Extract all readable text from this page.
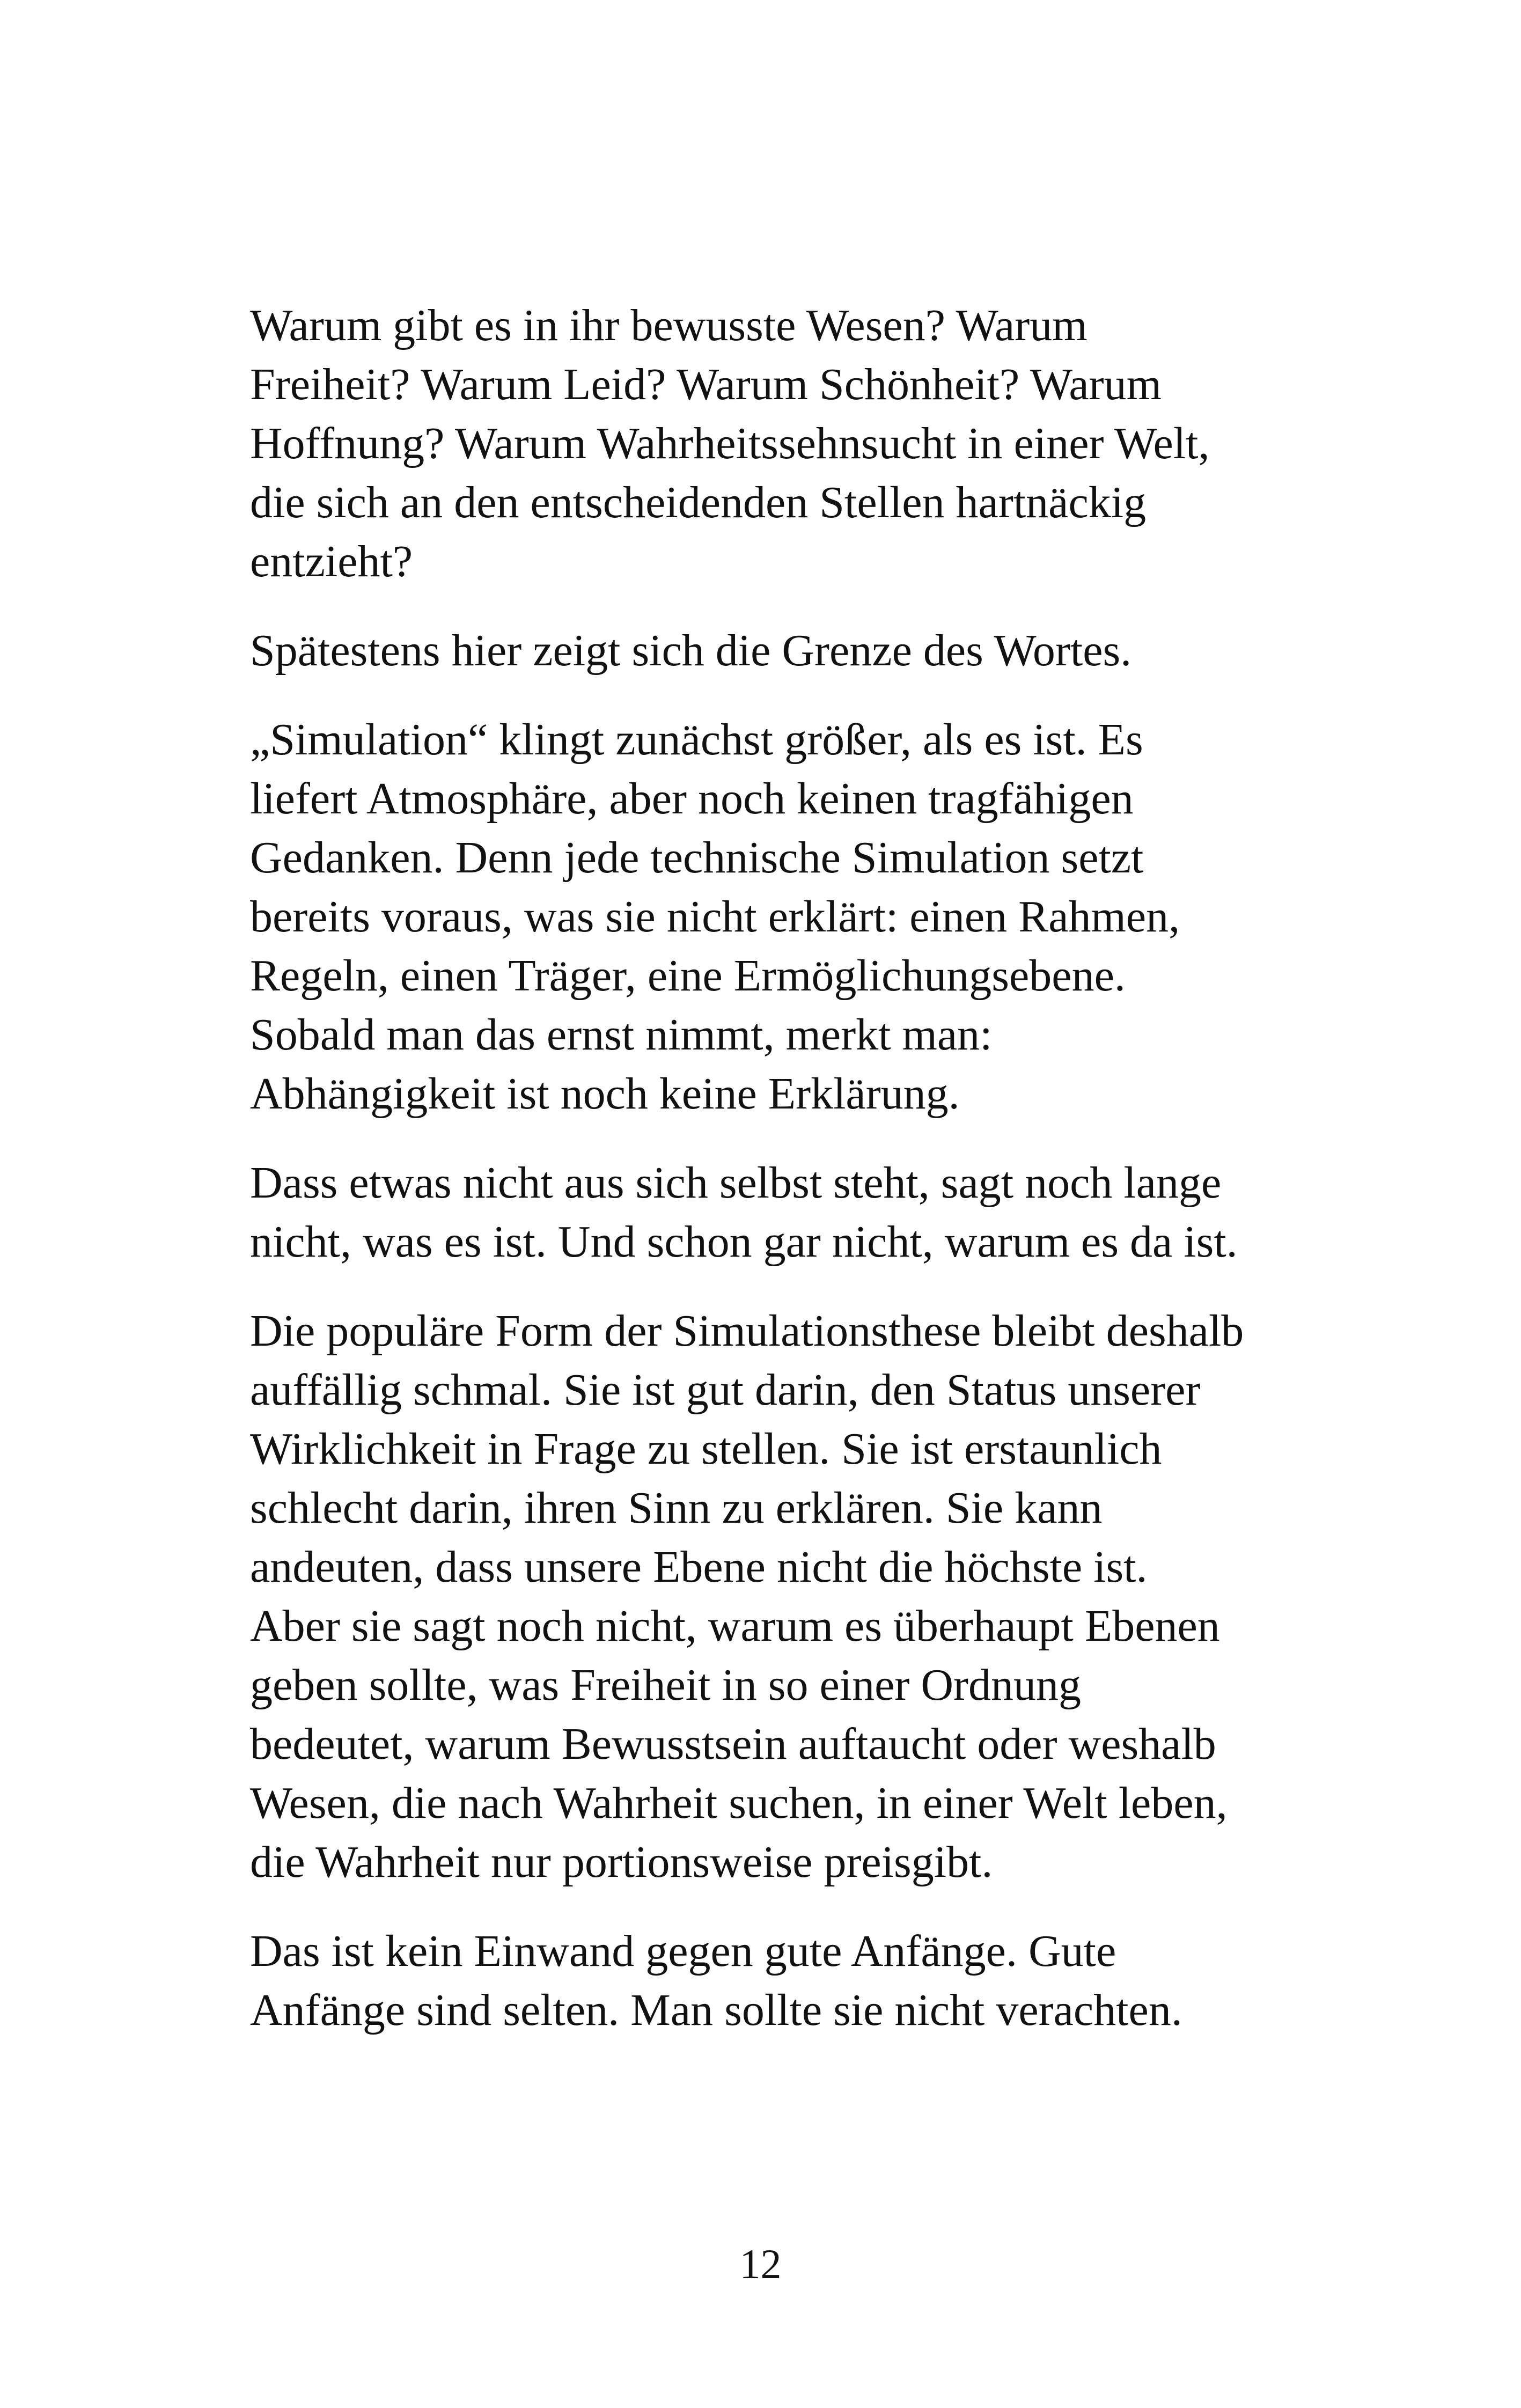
Warum gibt es in ihr bewusste Wesen? Warum

Freiheit? Warum Leid? Warum Schönheit? Warum

Hoffnung? Warum Wahrheitssehnsucht in einer Welt,

die sich an den entscheidenden Stellen hartnäckig

entzieht?

Spätestens hier zeigt sich die Grenze des Wortes.

„Simulation“ klingt zunächst größer, als es ist. Es

liefert Atmosphäre, aber noch keinen tragfähigen

Gedanken. Denn jede technische Simulation setzt

bereits voraus, was sie nicht erklärt: einen Rahmen,

Regeln, einen Träger, eine Ermöglichungsebene.

Sobald man das ernst nimmt, merkt man:

Abhängigkeit ist noch keine Erklärung.

Dass etwas nicht aus sich selbst steht, sagt noch lange

nicht, was es ist. Und schon gar nicht, warum es da ist.

Die populäre Form der Simulationsthese bleibt deshalb

auffällig schmal. Sie ist gut darin, den Status unserer

Wirklichkeit in Frage zu stellen. Sie ist erstaunlich

schlecht darin, ihren Sinn zu erklären. Sie kann

andeuten, dass unsere Ebene nicht die höchste ist.

Aber sie sagt noch nicht, warum es überhaupt Ebenen

geben sollte, was Freiheit in so einer Ordnung

bedeutet, warum Bewusstsein auftaucht oder weshalb

Wesen, die nach Wahrheit suchen, in einer Welt leben,

die Wahrheit nur portionsweise preisgibt.

Das ist kein Einwand gegen gute Anfänge. Gute

Anfänge sind selten. Man sollte sie nicht verachten.

12
